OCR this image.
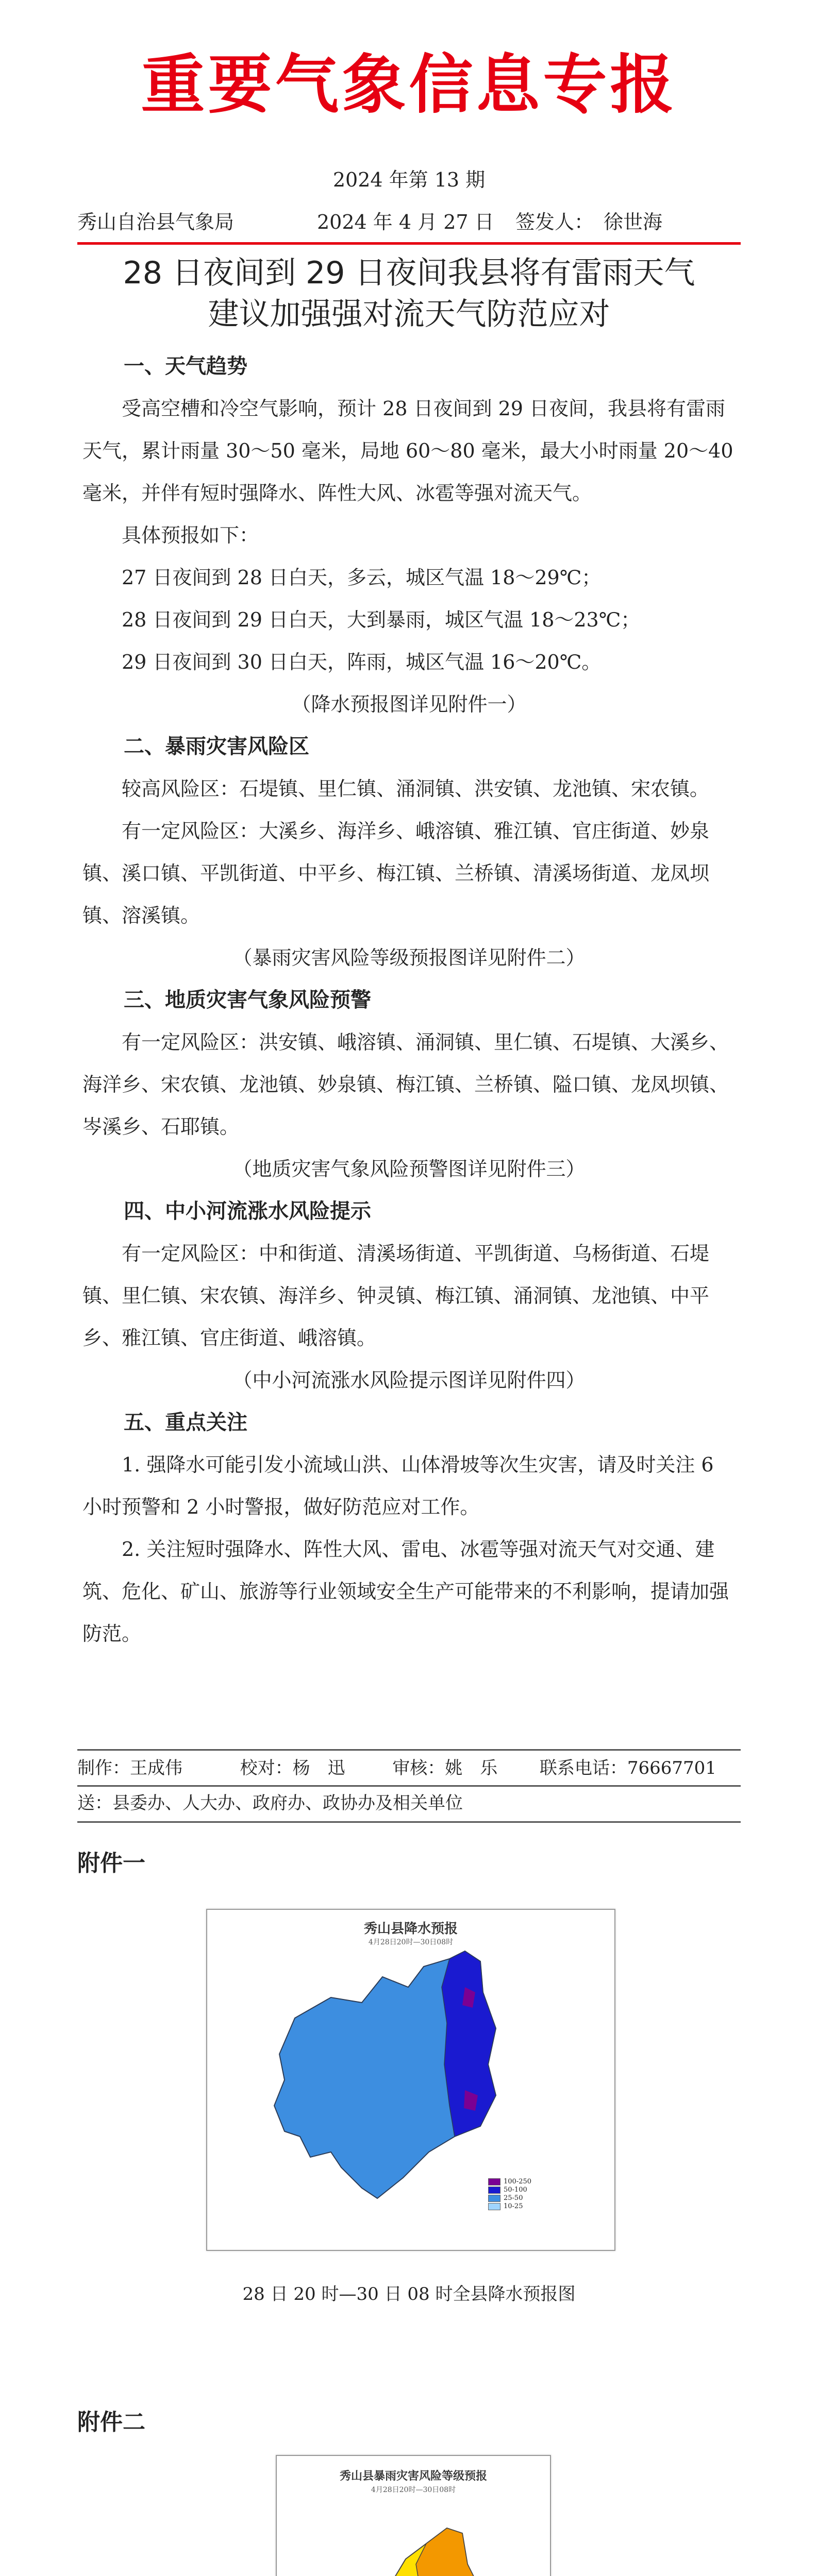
重要气象信息专报
2024 年第 13 期
秀山自治县气象局	2024 年 4 月 27 日 签发人：　徐世海
28 日夜间到 29 日夜间我县将有雷雨天气
建议加强强对流天气防范应对

一、天气趋势

受高空槽和冷空气影响，预计 28 日夜间到 29 日夜间，我县将有雷雨天气，累计雨量 30～50 毫米，局地 60～80 毫米，最大小时雨量 20～40 毫米，并伴有短时强降水、阵性大风、冰雹等强对流天气。

具体预报如下：

27 日夜间到 28 日白天，多云，城区气温 18～29℃；

28 日夜间到 29 日白天，大到暴雨，城区气温 18～23℃；

29 日夜间到 30 日白天，阵雨，城区气温 16～20℃。

（降水预报图详见附件一）

二、暴雨灾害风险区

较高风险区：石堤镇、里仁镇、涌洞镇、洪安镇、龙池镇、宋农镇。

有一定风险区：大溪乡、海洋乡、峨溶镇、雅江镇、官庄街道、妙泉镇、溪口镇、平凯街道、中平乡、梅江镇、兰桥镇、清溪场街道、龙凤坝镇、溶溪镇。

（暴雨灾害风险等级预报图详见附件二）

三、地质灾害气象风险预警

有一定风险区：洪安镇、峨溶镇、涌洞镇、里仁镇、石堤镇、大溪乡、海洋乡、宋农镇、龙池镇、妙泉镇、梅江镇、兰桥镇、隘口镇、龙凤坝镇、岑溪乡、石耶镇。

（地质灾害气象风险预警图详见附件三）

四、中小河流涨水风险提示

有一定风险区：中和街道、清溪场街道、平凯街道、乌杨街道、石堤镇、里仁镇、宋农镇、海洋乡、钟灵镇、梅江镇、涌洞镇、龙池镇、中平乡、雅江镇、官庄街道、峨溶镇。

（中小河流涨水风险提示图详见附件四）

五、重点关注

1. 强降水可能引发小流域山洪、山体滑坡等次生灾害，请及时关注 6 小时预警和 2 小时警报，做好防范应对工作。

2. 关注短时强降水、阵性大风、雷电、冰雹等强对流天气对交通、建筑、危化、矿山、旅游等行业领域安全生产可能带来的不利影响，提请加强防范。

制作：王成伟	校对：杨　迅	审核：姚　乐 联系电话：76667701
送：县委办、人大办、政府办、政协办及相关单位
附件一
秀山县降水预报
4月28日20时—30日08时
100-250
50-100
25-50
10-25
28 日 20 时—30 日 08 时全县降水预报图
附件二
秀山县暴雨灾害风险等级预报
4月28日20时—30日08时
